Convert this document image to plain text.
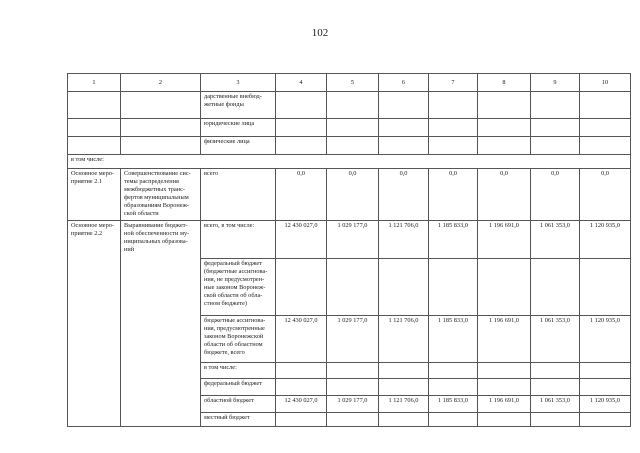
102
1	2	3	4	5	6	7	8	9	10
		дарственные внебюд-жетные фонды							
		юридические лица							
		физические лица							
в том числе:									
Основное меро-приятие 2.1	Совершенствование сис-темы распределения межбюджетных транс-фертов муниципальным образованиям Воронеж-ской области	всего	0,0	0,0	0,0	0,0	0,0	0,0	0,0
Основное меро-приятие 2.2	Выравнивание бюджет-ной обеспеченности му-ниципальных образова-ний	всего, в том числе:	12 430 027,0	1 029 177,0	1 121 706,0	1 185 833,0	1 196 691,0	1 061 353,0	1 120 935,0
		федеральный бюджет (бюджетные ассигнова-ния, не предусмотрен-ные законом Воронеж-ской области об обла-стном бюджете)							
		бюджетные ассигнова-ния, предусмотренные законом Воронежской области об областном бюджете, всего	12 430 027,0	1 029 177,0	1 121 706,0	1 185 833,0	1 196 691,0	1 061 353,0	1 120 935,0
		в том числе:							
		федеральный бюджет							
		областной бюджет	12 430 027,0	1 029 177,0	1 121 706,0	1 185 833,0	1 196 691,0	1 061 353,0	1 120 935,0
		местный бюджет							
